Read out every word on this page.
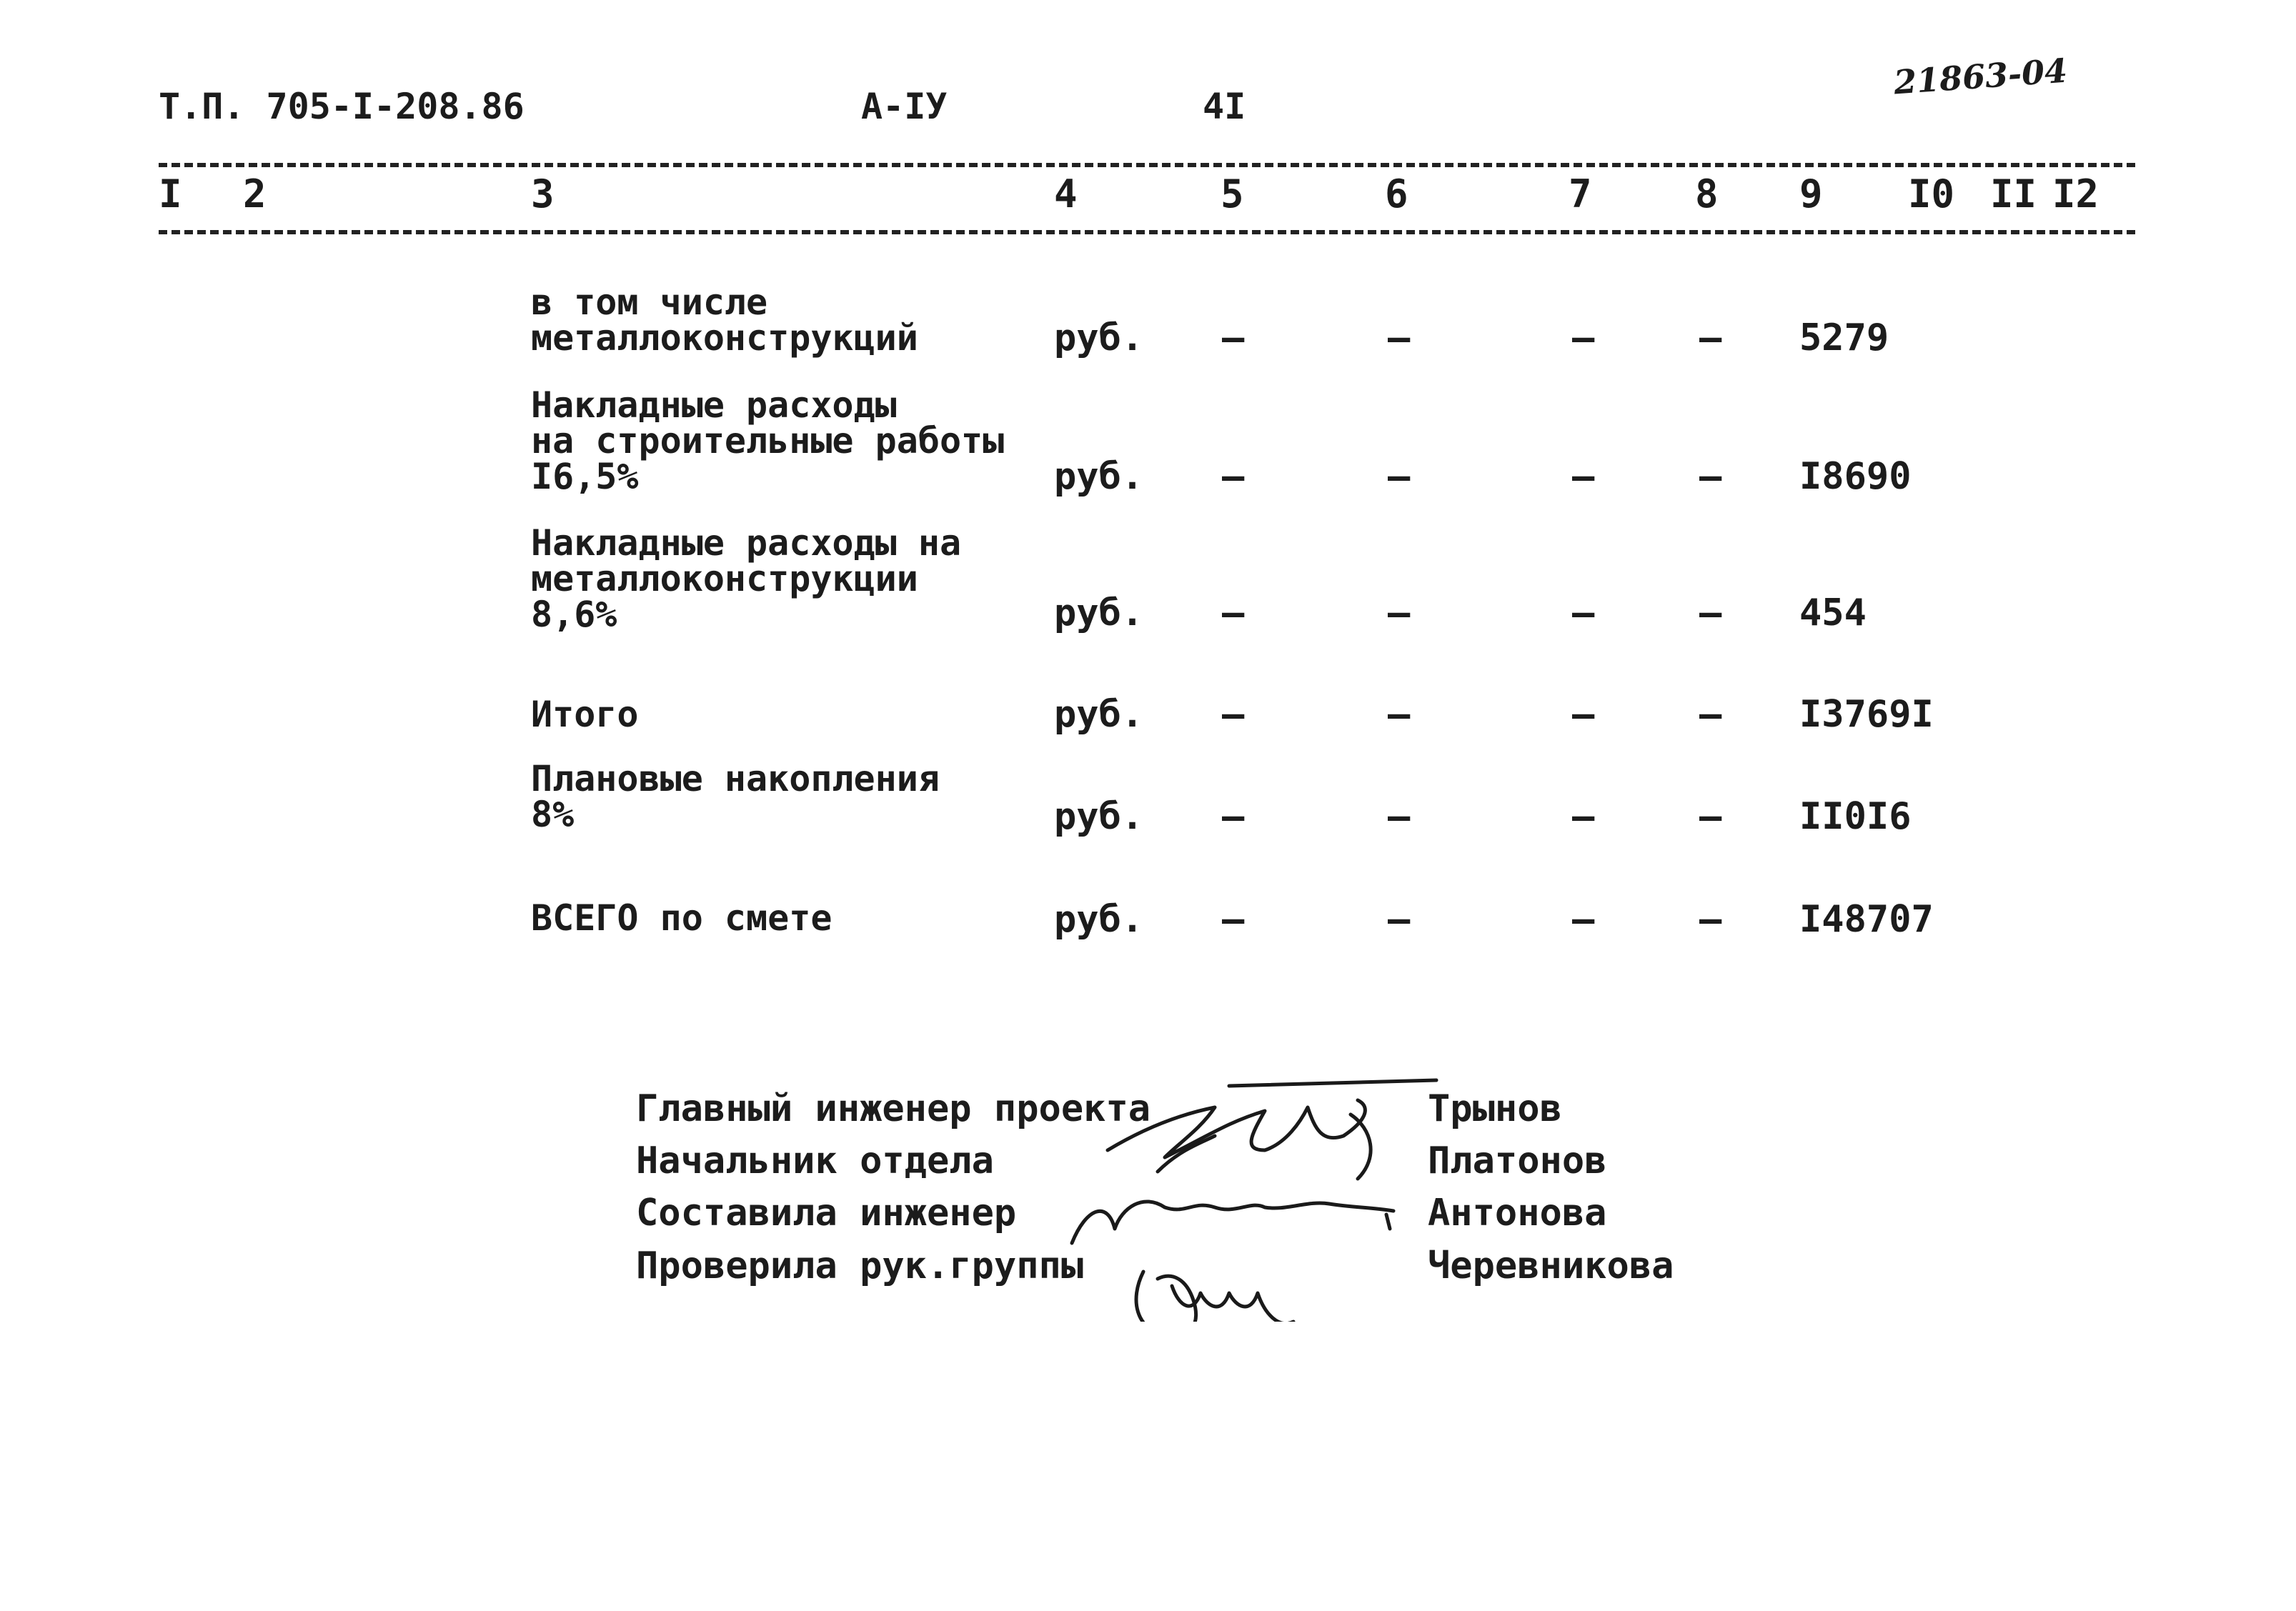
Т.П. 705-I-208.86	А-IУ	4I
21863-04
I 2	3	4	5	6	7	8 9 I0 II I2
в том числе
металлоконструкций	руб. –	–	–	– 5279
Накладные расходы
на строительные работы
I6,5%	руб. –	–	–	– I8690
Накладные расходы на
металлоконструкции
8,6%	руб. –	–	–	– 454
Итого	руб. –	–	–	– I3769I
Плановые накопления
8%	руб. –	–	–	– II0I6
ВСЕГО по смете	руб. –	–	–	– I48707
Главный инженер проекта	Трынов
Начальник отдела	Платонов
Составила инженер	Антонова
Проверила рук.группы	Черевникова
